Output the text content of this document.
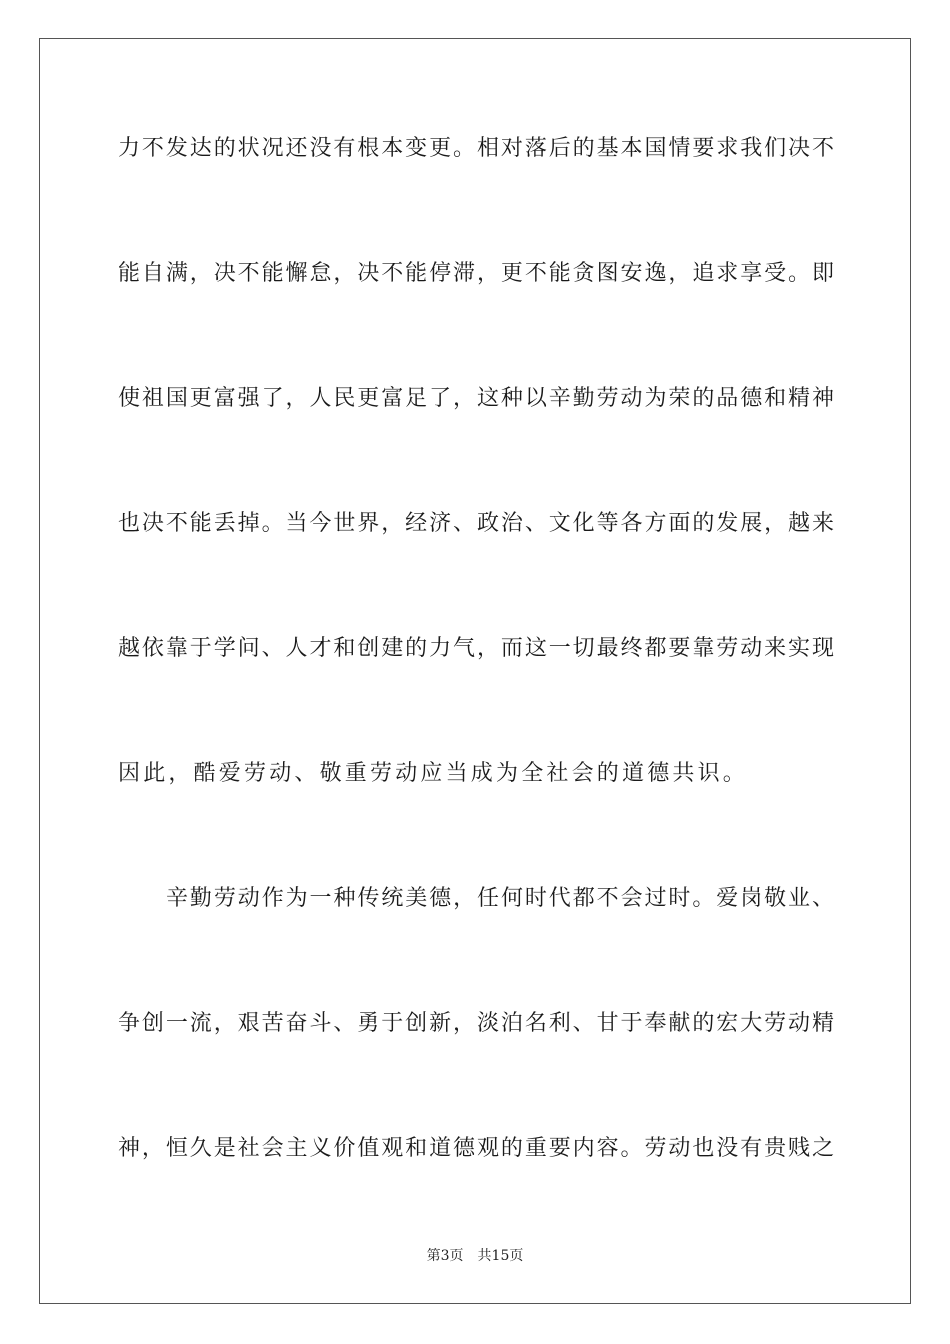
力不发达的状况还没有根本变更。相对落后的基本国情要求我们决不
能自满，决不能懈怠，决不能停滞，更不能贪图安逸，追求享受。即
使祖国更富强了，人民更富足了，这种以辛勤劳动为荣的品德和精神
也决不能丢掉。当今世界，经济、政治、文化等各方面的发展，越来
越依靠于学问、人才和创建的力气，而这一切最终都要靠劳动来实现
因此，酷爱劳动、敬重劳动应当成为全社会的道德共识。
辛勤劳动作为一种传统美德，任何时代都不会过时。爱岗敬业、
争创一流，艰苦奋斗、勇于创新，淡泊名利、甘于奉献的宏大劳动精
神，恒久是社会主义价值观和道德观的重要内容。劳动也没有贵贱之
第3页 共15页
